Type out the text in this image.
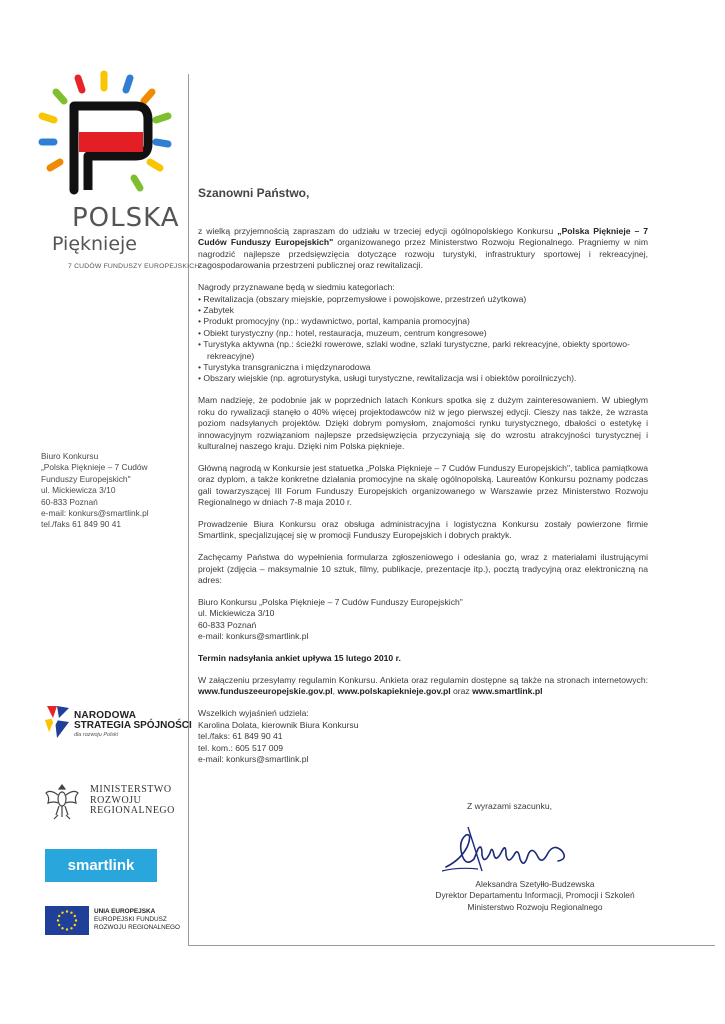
POLSKA
Pięknieje
7 CUDÓW FUNDUSZY EUROPEJSKICH
Biuro Konkursu
„Polska Pięknieje – 7 Cudów
Funduszy Europejskich"
ul. Mickiewicza 3/10
60-833 Poznań
e-mail: konkurs@smartlink.pl
tel./faks 61 849 90 41
NARODOWA
STRATEGIA SPÓJNOŚCI
dla rozwoju Polski
MINISTERSTWO
ROZWOJU
REGIONALNEGO
smartlink
UNIA EUROPEJSKA
EUROPEJSKI FUNDUSZ
ROZWOJU REGIONALNEGO
Szanowni Państwo,

z wielką przyjemnością zapraszam do udziału w trzeciej edycji ogólnopolskiego Konkursu „Polska Pięknieje – 7 Cudów Funduszy Europejskich" organizowanego przez Ministerstwo Rozwoju Regionalnego. Pragniemy w nim nagrodzić najlepsze przedsięwzięcia dotyczące rozwoju turystyki, infrastruktury sportowej i rekreacyjnej, zagospodarowania przestrzeni publicznej oraz rewitalizacji.

Nagrody przyznawane będą w siedmiu kategoriach:

• Rewitalizacja (obszary miejskie, poprzemysłowe i powojskowe, przestrzeń użytkowa)
• Zabytek
• Produkt promocyjny (np.: wydawnictwo, portal, kampania promocyjna)
• Obiekt turystyczny (np.: hotel, restauracja, muzeum, centrum kongresowe)
• Turystyka aktywna (np.: ścieżki rowerowe, szlaki wodne, szlaki turystyczne, parki rekreacyjne, obiekty sportowo-rekreacyjne)
• Turystyka transgraniczna i międzynarodowa
• Obszary wiejskie (np. agroturystyka, usługi turystyczne, rewitalizacja wsi i obiektów poroilniczych).

Mam nadzieję, że podobnie jak w poprzednich latach Konkurs spotka się z dużym zainteresowaniem. W ubiegłym roku do rywalizacji stanęło o 40% więcej projektodawców niż w jego pierwszej edycji. Cieszy nas także, że wzrasta poziom nadsyłanych projektów. Dzięki dobrym pomysłom, znajomości rynku turystycznego, dbałości o estetykę i innowacyjnym rozwiązaniom najlepsze przedsięwzięcia przyczyniają się do wzrostu atrakcyjności turystycznej i kulturalnej naszego kraju. Dzięki nim Polska pięknieje.

Główną nagrodą w Konkursie jest statuetka „Polska Pięknieje – 7 Cudów Funduszy Europejskich", tablica pamiątkowa oraz dyplom, a także konkretne działania promocyjne na skalę ogólnopolską. Laureatów Konkursu poznamy podczas gali towarzyszącej III Forum Funduszy Europejskich organizowanego w Warszawie przez Ministerstwo Rozwoju Regionalnego w dniach 7-8 maja 2010 r.

Prowadzenie Biura Konkursu oraz obsługa administracyjna i logistyczna Konkursu zostały powierzone firmie Smartlink, specjalizującej się w promocji Funduszy Europejskich i dobrych praktyk.

Zachęcamy Państwa do wypełnienia formularza zgłoszeniowego i odesłania go, wraz z materiałami ilustrującymi projekt (zdjęcia – maksymalnie 10 sztuk, filmy, publikacje, prezentacje itp.), pocztą tradycyjną oraz elektroniczną na adres:

Biuro Konkursu „Polska Pięknieje – 7 Cudów Funduszy Europejskich"
ul. Mickiewicza 3/10
60-833 Poznań
e-mail: konkurs@smartlink.pl

Termin nadsyłania ankiet upływa 15 lutego 2010 r.

W załączeniu przesyłamy regulamin Konkursu. Ankieta oraz regulamin dostępne są także na stronach internetowych: www.funduszeeuropejskie.gov.pl, www.polskapieknieje.gov.pl oraz www.smartlink.pl

Wszelkich wyjaśnień udziela:
Karolina Dolata, kierownik Biura Konkursu
tel./faks: 61 849 90 41
tel. kom.: 605 517 009
e-mail: konkurs@smartlink.pl
Z wyrazami szacunku,
Aleksandra Szetyłło-Budzewska
Dyrektor Departamentu Informacji, Promocji i Szkoleń
Ministerstwo Rozwoju Regionalnego
